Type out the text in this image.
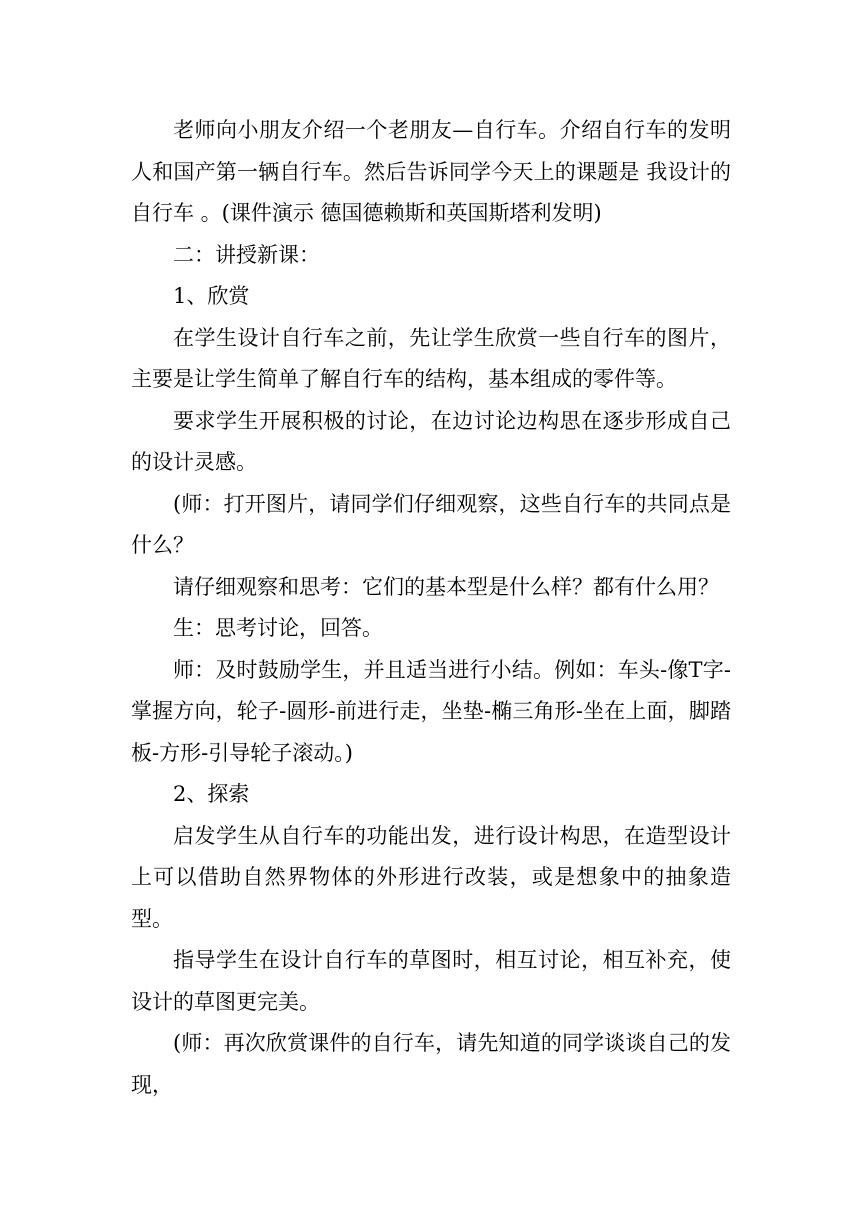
老师向小朋友介绍一个老朋友—自行车。介绍自行车的发明人和国产第一辆自行车。然后告诉同学今天上的课题是 我设计的自行车 。(课件演示 德国德赖斯和英国斯塔利发明)

二：讲授新课：

1、欣赏

在学生设计自行车之前，先让学生欣赏一些自行车的图片，主要是让学生简单了解自行车的结构，基本组成的零件等。

要求学生开展积极的讨论，在边讨论边构思在逐步形成自己的设计灵感。

(师：打开图片，请同学们仔细观察，这些自行车的共同点是什么？

请仔细观察和思考：它们的基本型是什么样？都有什么用？

生：思考讨论，回答。

师：及时鼓励学生，并且适当进行小结。例如：车头-像T字-掌握方向，轮子-圆形-前进行走，坐垫-椭三角形-坐在上面，脚踏板-方形-引导轮子滚动。)

2、探索

启发学生从自行车的功能出发，进行设计构思，在造型设计上可以借助自然界物体的外形进行改装，或是想象中的抽象造型。

指导学生在设计自行车的草图时，相互讨论，相互补充，使设计的草图更完美。

(师：再次欣赏课件的自行车，请先知道的同学谈谈自己的发现，
